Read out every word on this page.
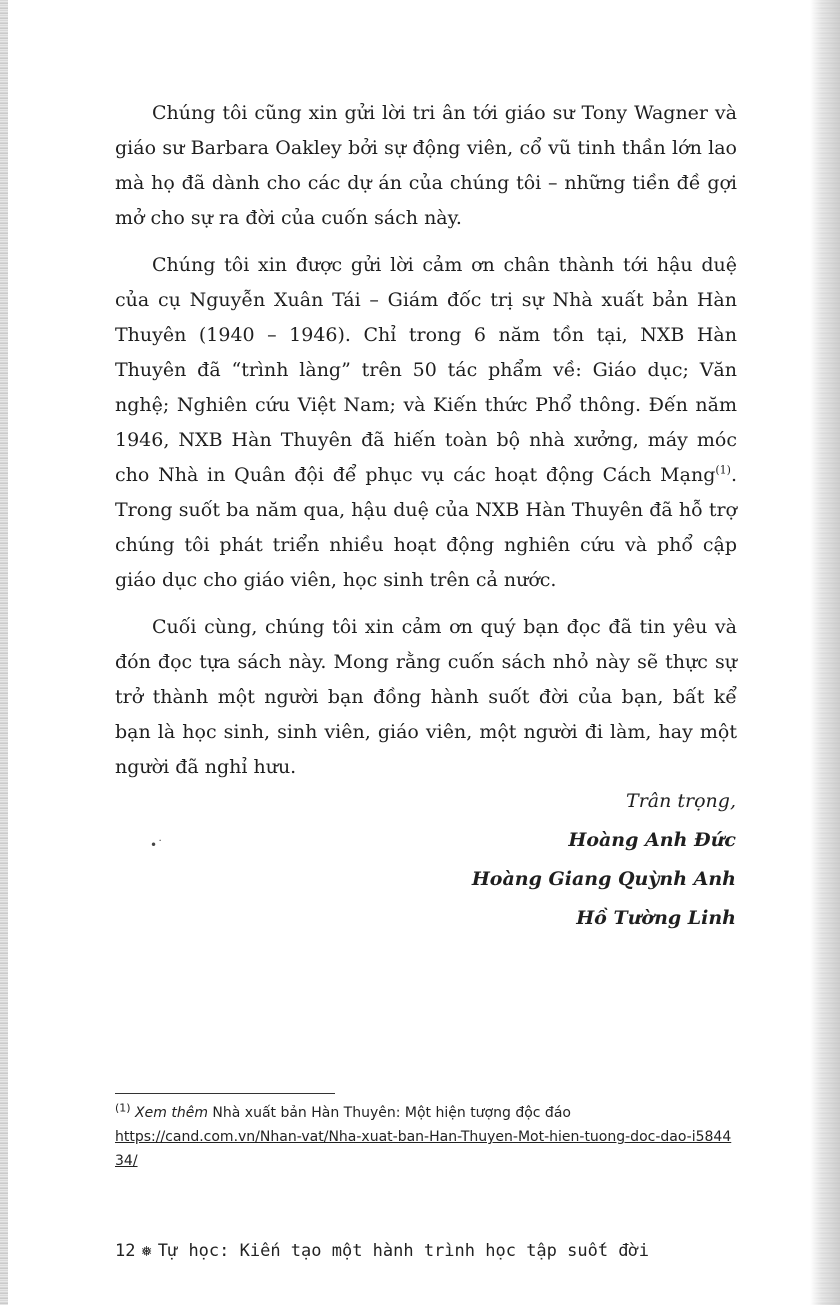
Chúng tôi cũng xin gửi lời tri ân tới giáo sư Tony Wagner và giáo sư Barbara Oakley bởi sự động viên, cổ vũ tinh thần lớn lao mà họ đã dành cho các dự án của chúng tôi – những tiền đề gợi mở cho sự ra đời của cuốn sách này.

Chúng tôi xin được gửi lời cảm ơn chân thành tới hậu duệ của cụ Nguyễn Xuân Tái – Giám đốc trị sự Nhà xuất bản Hàn Thuyên (1940 – 1946). Chỉ trong 6 năm tồn tại, NXB Hàn Thuyên đã “trình làng” trên 50 tác phẩm về: Giáo dục; Văn nghệ; Nghiên cứu Việt Nam; và Kiến thức Phổ thông. Đến năm 1946, NXB Hàn Thuyên đã hiến toàn bộ nhà xưởng, máy móc cho Nhà in Quân đội để phục vụ các hoạt động Cách Mạng$^{(1)}$. Trong suốt ba năm qua, hậu duệ của NXB Hàn Thuyên đã hỗ trợ chúng tôi phát triển nhiều hoạt động nghiên cứu và phổ cập giáo dục cho giáo viên, học sinh trên cả nước.

Cuối cùng, chúng tôi xin cảm ơn quý bạn đọc đã tin yêu và đón đọc tựa sách này. Mong rằng cuốn sách nhỏ này sẽ thực sự trở thành một người bạn đồng hành suốt đời của bạn, bất kể bạn là học sinh, sinh viên, giáo viên, một người đi làm, hay một người đã nghỉ hưu.

•˙
Trân trọng,
Hoàng Anh Đức
Hoàng Giang Quỳnh Anh
Hồ Tường Linh
$^{(1)}$ Xem thêm Nhà xuất bản Hàn Thuyên: Một hiện tượng độc đáo
https://cand.com.vn/Nhan-vat/Nha-xuat-ban-Han-Thuyen-Mot-hien-tuong-doc-dao-i584434/
12 ❅ Tự học: Kiến tạo một hành trình học tập suốt đời
